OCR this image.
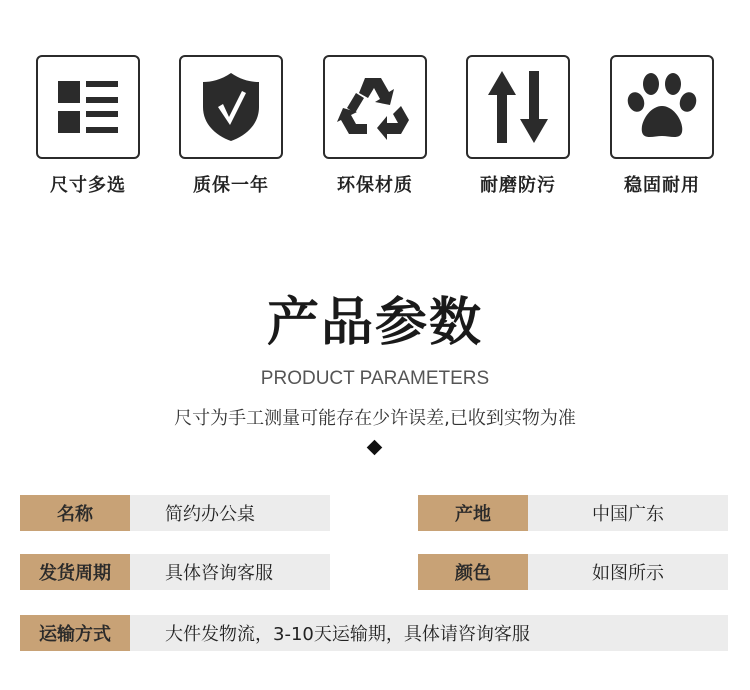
尺寸多选	质保一年	环保材质	耐磨防污	稳固耐用
产品参数
PRODUCT PARAMETERS
尺寸为手工测量可能存在少许误差,已收到实物为准
名称	简约办公桌	产地	中国广东
发货周期	具体咨询客服	颜色	如图所示
运输方式	大件发物流，3-10天运输期，具体请咨询客服
